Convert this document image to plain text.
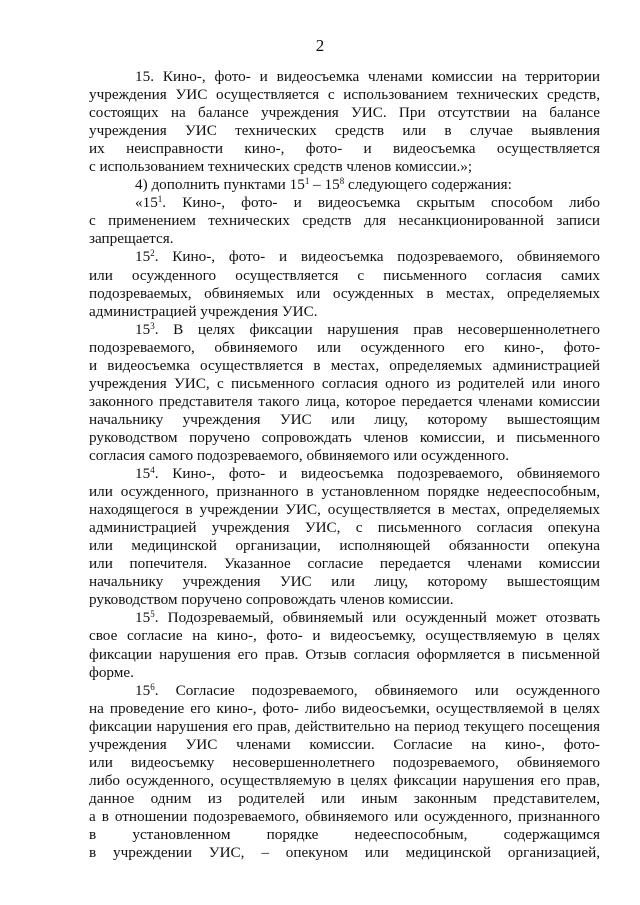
2
15. Кино-, фото- и видеосъемка членами комиссии на территории
учреждения УИС осуществляется с использованием технических средств,
состоящих на балансе учреждения УИС. При отсутствии на балансе
учреждения УИС технических средств или в случае выявления
их неисправности кино-, фото- и видеосъемка осуществляется
с использованием технических средств членов комиссии.»;
4) дополнить пунктами $15^1 - 15^8$ следующего содержания:
«$15^1$. Кино-, фото- и видеосъемка скрытым способом либо
с применением технических средств для несанкционированной записи
запрещается.
$15^2$. Кино-, фото- и видеосъемка подозреваемого, обвиняемого
или осужденного осуществляется с письменного согласия самих
подозреваемых, обвиняемых или осужденных в местах, определяемых
администрацией учреждения УИС.
$15^3$. В целях фиксации нарушения прав несовершеннолетнего
подозреваемого, обвиняемого или осужденного его кино-, фото-
и видеосъемка осуществляется в местах, определяемых администрацией
учреждения УИС, с письменного согласия одного из родителей или иного
законного представителя такого лица, которое передается членами комиссии
начальнику учреждения УИС или лицу, которому вышестоящим
руководством поручено сопровождать членов комиссии, и письменного
согласия самого подозреваемого, обвиняемого или осужденного.
$15^4$. Кино-, фото- и видеосъемка подозреваемого, обвиняемого
или осужденного, признанного в установленном порядке недееспособным,
находящегося в учреждении УИС, осуществляется в местах, определяемых
администрацией учреждения УИС, с письменного согласия опекуна
или медицинской организации, исполняющей обязанности опекуна
или попечителя. Указанное согласие передается членами комиссии
начальнику учреждения УИС или лицу, которому вышестоящим
руководством поручено сопровождать членов комиссии.
$15^5$. Подозреваемый, обвиняемый или осужденный может отозвать
свое согласие на кино-, фото- и видеосъемку, осуществляемую в целях
фиксации нарушения его прав. Отзыв согласия оформляется в письменной
форме.
$15^6$. Согласие подозреваемого, обвиняемого или осужденного
на проведение его кино-, фото- либо видеосъемки, осуществляемой в целях
фиксации нарушения его прав, действительно на период текущего посещения
учреждения УИС членами комиссии. Согласие на кино-, фото-
или видеосъемку несовершеннолетнего подозреваемого, обвиняемого
либо осужденного, осуществляемую в целях фиксации нарушения его прав,
данное одним из родителей или иным законным представителем,
а в отношении подозреваемого, обвиняемого или осужденного, признанного
в установленном порядке недееспособным, содержащимся
в учреждении УИС, – опекуном или медицинской организацией,
